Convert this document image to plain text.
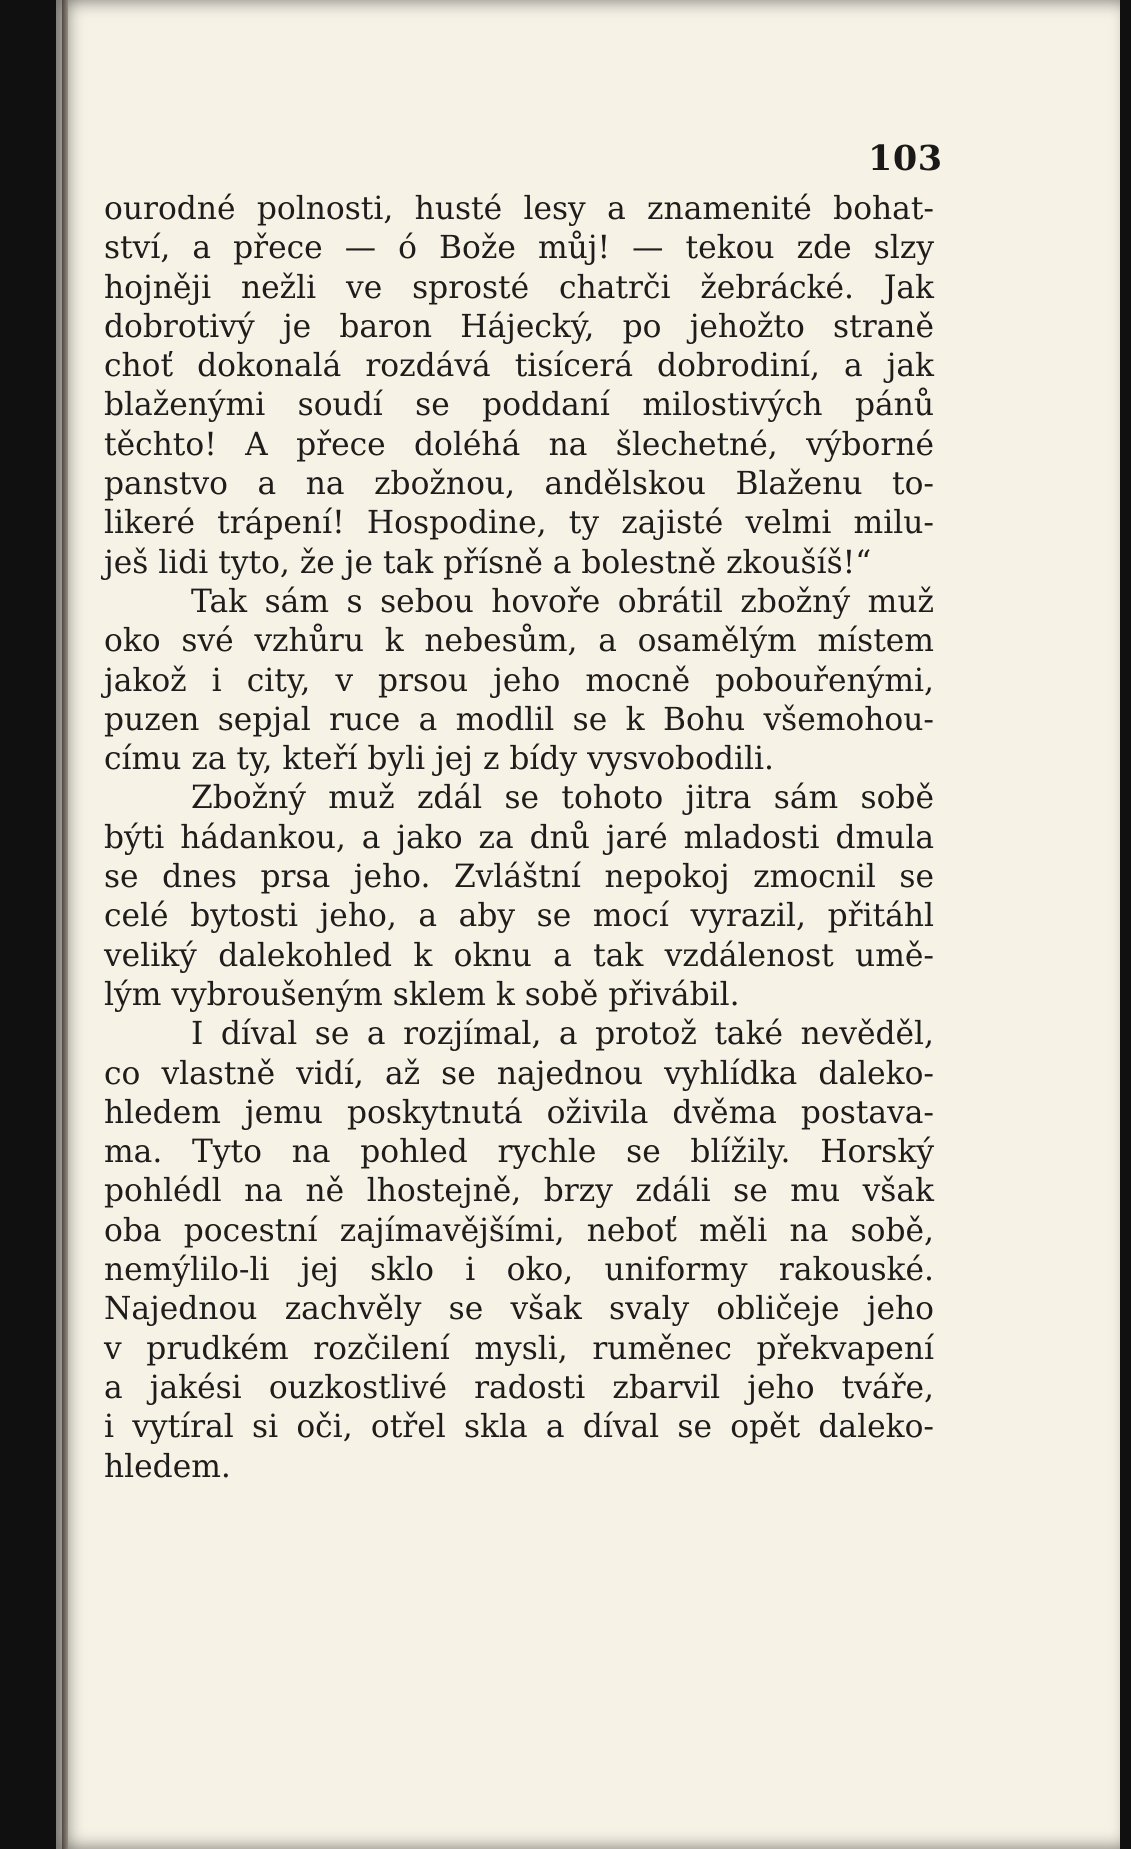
103
ourodné polnosti, husté lesy a znamenité bohat-
ství, a přece — ó Bože můj! — tekou zde slzy
hojněji nežli ve sprosté chatrči žebrácké. Jak
dobrotivý je baron Hájecký, po jehožto straně
choť dokonalá rozdává tisícerá dobrodiní, a jak
blaženými soudí se poddaní milostivých pánů
těchto! A přece doléhá na šlechetné, výborné
panstvo a na zbožnou, andělskou Blaženu to-
likeré trápení! Hospodine, ty zajisté velmi milu-
ješ lidi tyto, že je tak přísně a bolestně zkoušíš!“
Tak sám s sebou hovoře obrátil zbožný muž
oko své vzhůru k nebesům, a osamělým místem
jakož i city, v prsou jeho mocně pobouřenými,
puzen sepjal ruce a modlil se k Bohu všemohou-
címu za ty, kteří byli jej z bídy vysvobodili.
Zbožný muž zdál se tohoto jitra sám sobě
býti hádankou, a jako za dnů jaré mladosti dmula
se dnes prsa jeho. Zvláštní nepokoj zmocnil se
celé bytosti jeho, a aby se mocí vyrazil, přitáhl
veliký dalekohled k oknu a tak vzdálenost umě-
lým vybroušeným sklem k sobě přivábil.
I díval se a rozjímal, a protož také nevěděl,
co vlastně vidí, až se najednou vyhlídka daleko-
hledem jemu poskytnutá oživila dvěma postava-
ma. Tyto na pohled rychle se blížily. Horský
pohlédl na ně lhostejně, brzy zdáli se mu však
oba pocestní zajímavějšími, neboť měli na sobě,
nemýlilo-li jej sklo i oko, uniformy rakouské.
Najednou zachvěly se však svaly obličeje jeho
v prudkém rozčilení mysli, ruměnec překvapení
a jakési ouzkostlivé radosti zbarvil jeho tváře,
i vytíral si oči, otřel skla a díval se opět daleko-
hledem.
